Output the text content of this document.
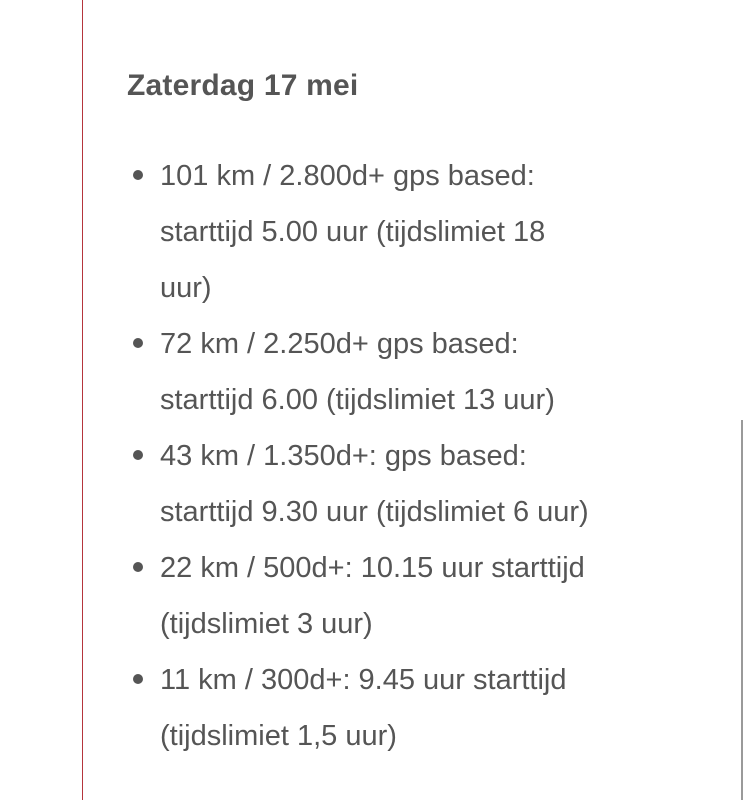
Zaterdag 17 mei
101 km / 2.800d+ gps based:
starttijd 5.00 uur (tijdslimiet 18
uur)
72 km / 2.250d+ gps based:
starttijd 6.00 (tijdslimiet 13 uur)
43 km / 1.350d+: gps based:
starttijd 9.30 uur (tijdslimiet 6 uur)
22 km / 500d+: 10.15 uur starttijd
(tijdslimiet 3 uur)
11 km / 300d+: 9.45 uur starttijd
(tijdslimiet 1,5 uur)
